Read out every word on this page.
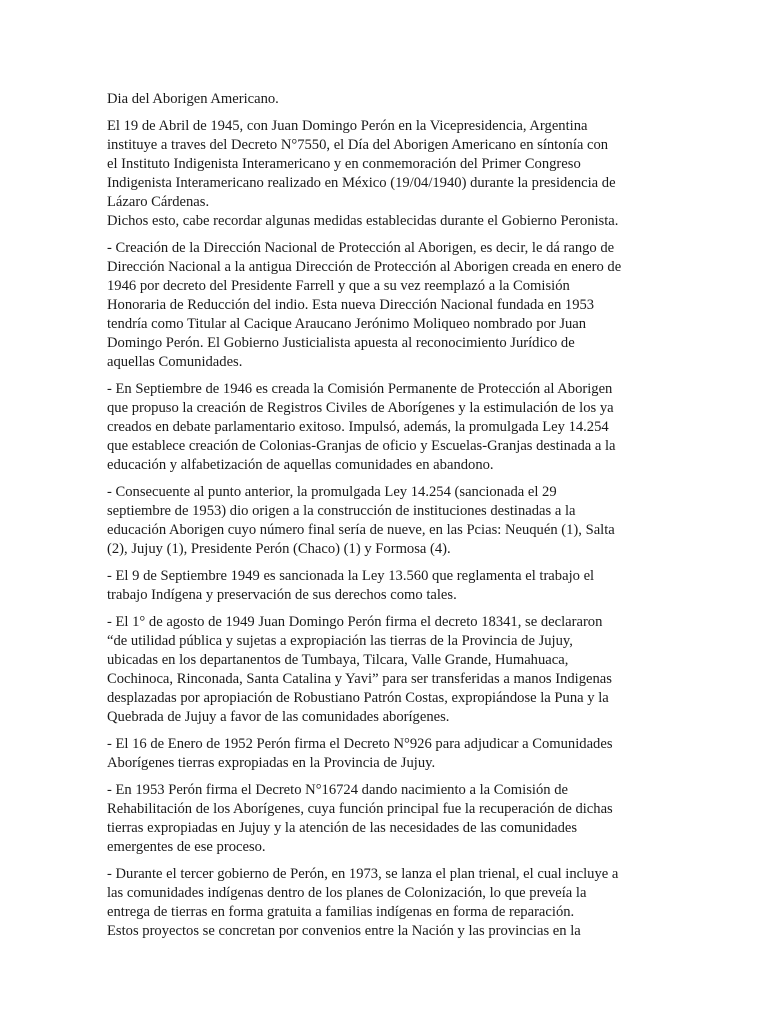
Dia del Aborigen Americano.

El 19 de Abril de 1945, con Juan Domingo Perón en la Vicepresidencia, Argentina
instituye a traves del Decreto N°7550, el Día del Aborigen Americano en síntonía con
el Instituto Indigenista Interamericano y en conmemoración del Primer Congreso
Indigenista Interamericano realizado en México (19/04/1940) durante la presidencia de
Lázaro Cárdenas.
Dichos esto, cabe recordar algunas medidas establecidas durante el Gobierno Peronista.

- Creación de la Dirección Nacional de Protección al Aborigen, es decir, le dá rango de
Dirección Nacional a la antigua Dirección de Protección al Aborigen creada en enero de
1946 por decreto del Presidente Farrell y que a su vez reemplazó a la Comisión
Honoraria de Reducción del indio. Esta nueva Dirección Nacional fundada en 1953
tendría como Titular al Cacique Araucano Jerónimo Moliqueo nombrado por Juan
Domingo Perón. El Gobierno Justicialista apuesta al reconocimiento Jurídico de
aquellas Comunidades.

- En Septiembre de 1946 es creada la Comisión Permanente de Protección al Aborigen
que propuso la creación de Registros Civiles de Aborígenes y la estimulación de los ya
creados en debate parlamentario exitoso. Impulsó, además, la promulgada Ley 14.254
que establece creación de Colonias-Granjas de oficio y Escuelas-Granjas destinada a la
educación y alfabetización de aquellas comunidades en abandono.

- Consecuente al punto anterior, la promulgada Ley 14.254 (sancionada el 29
septiembre de 1953) dio origen a la construcción de instituciones destinadas a la
educación Aborigen cuyo número final sería de nueve, en las Pcias: Neuquén (1), Salta
(2), Jujuy (1), Presidente Perón (Chaco) (1) y Formosa (4).

- El 9 de Septiembre 1949 es sancionada la Ley 13.560 que reglamenta el trabajo el
trabajo Indígena y preservación de sus derechos como tales.

- El 1° de agosto de 1949 Juan Domingo Perón firma el decreto 18341, se declararon
“de utilidad pública y sujetas a expropiación las tierras de la Provincia de Jujuy,
ubicadas en los departanentos de Tumbaya, Tilcara, Valle Grande, Humahuaca,
Cochinoca, Rinconada, Santa Catalina y Yavi” para ser transferidas a manos Indigenas
desplazadas por apropiación de Robustiano Patrón Costas, expropiándose la Puna y la
Quebrada de Jujuy a favor de las comunidades aborígenes.

- El 16 de Enero de 1952 Perón firma el Decreto N°926 para adjudicar a Comunidades
Aborígenes tierras expropiadas en la Provincia de Jujuy.

- En 1953 Perón firma el Decreto N°16724 dando nacimiento a la Comisión de
Rehabilitación de los Aborígenes, cuya función principal fue la recuperación de dichas
tierras expropiadas en Jujuy y la atención de las necesidades de las comunidades
emergentes de ese proceso.

- Durante el tercer gobierno de Perón, en 1973, se lanza el plan trienal, el cual incluye a
las comunidades indígenas dentro de los planes de Colonización, lo que preveía la
entrega de tierras en forma gratuita a familias indígenas en forma de reparación.
Estos proyectos se concretan por convenios entre la Nación y las provincias en la
